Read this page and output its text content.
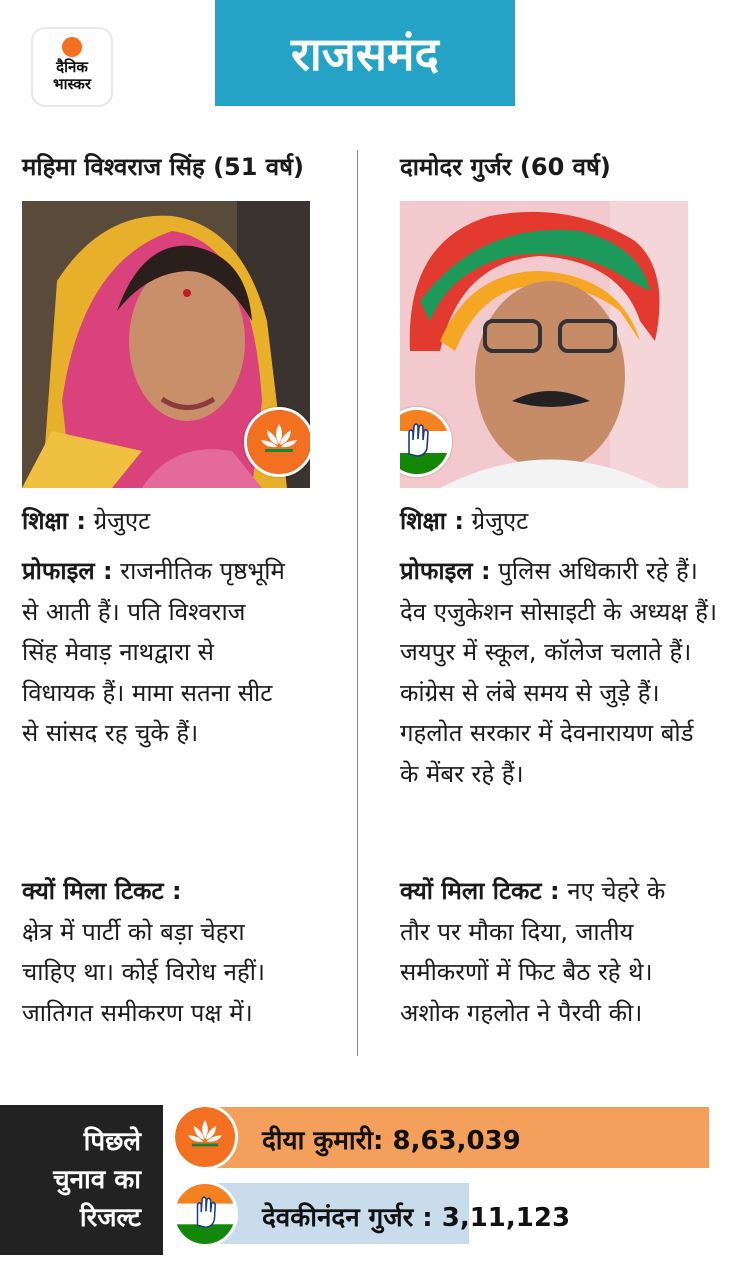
दैनिक
भास्कर
राजसमंद
महिमा विश्वराज सिंह (51 वर्ष)
शिक्षा : ग्रेजुएट
प्रोफाइल : राजनीतिक पृष्ठभूमि से आती हैं। पति विश्वराज सिंह मेवाड़ नाथद्वारा से विधायक हैं। मामा सतना सीट से सांसद रह चुके हैं।
क्यों मिला टिकट :
क्षेत्र में पार्टी को बड़ा चेहरा चाहिए था। कोई विरोध नहीं। जातिगत समीकरण पक्ष में।
दामोदर गुर्जर (60 वर्ष)
शिक्षा : ग्रेजुएट
प्रोफाइल : पुलिस अधिकारी रहे हैं। देव एजुकेशन सोसाइटी के अध्यक्ष हैं। जयपुर में स्कूल, कॉलेज चलाते हैं। कांग्रेस से लंबे समय से जुड़े हैं। गहलोत सरकार में देवनारायण बोर्ड के मेंबर रहे हैं।
क्यों मिला टिकट : नए चेहरे के तौर पर मौका दिया, जातीय समीकरणों में फिट बैठ रहे थे। अशोक गहलोत ने पैरवी की।
पिछले
चुनाव का
रिजल्ट
दीया कुमारी: 8,63,039
देवकीनंदन गुर्जर : 3,11,123
